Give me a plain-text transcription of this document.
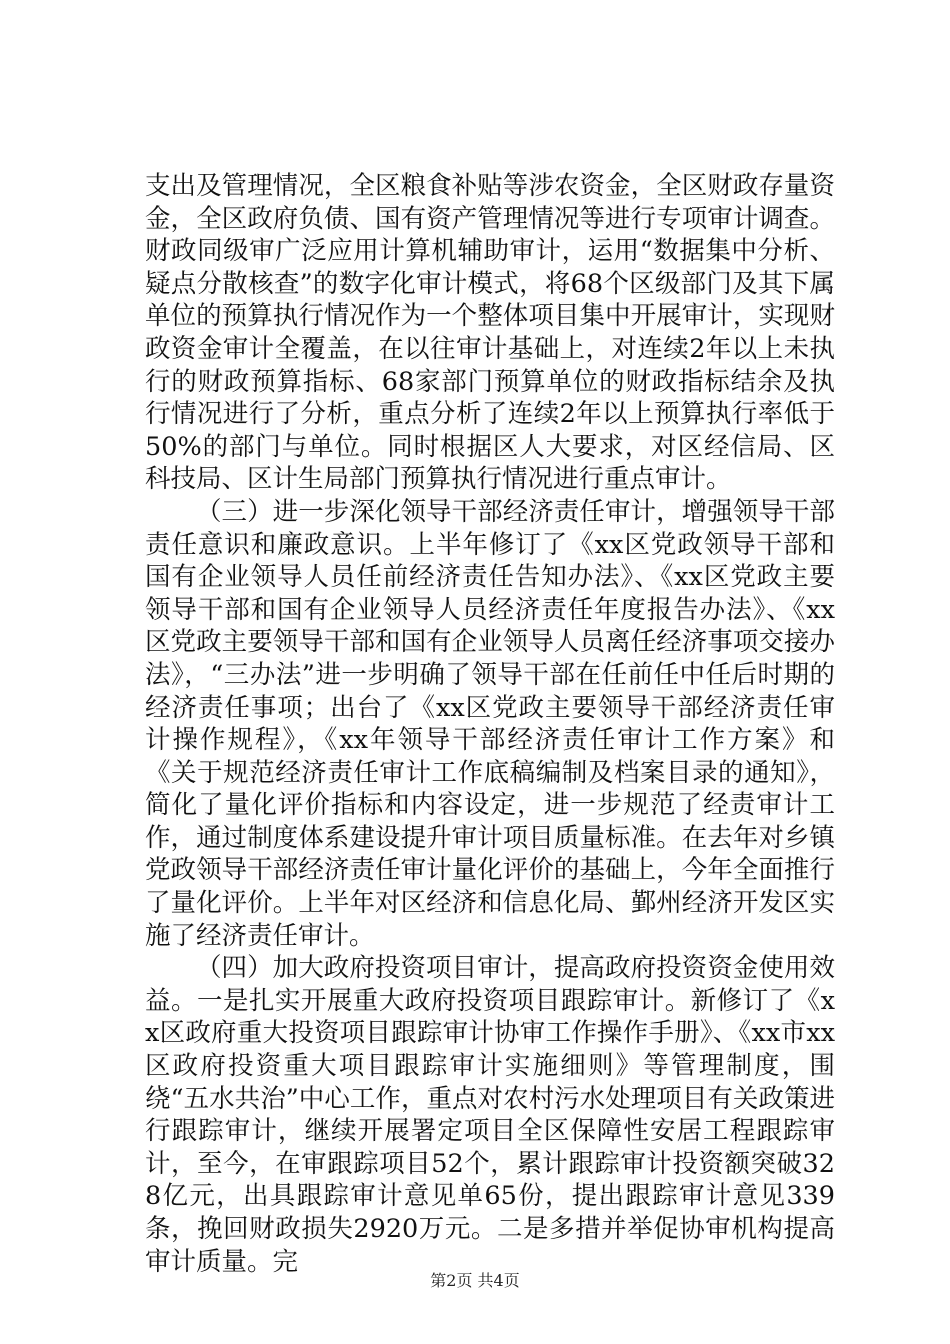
支出及管理情况，全区粮食补贴等涉农资金，全区财政存量资金，全区政府负债、国有资产管理情况等进行专项审计调查。财政同级审广泛应用计算机辅助审计，运用“数据集中分析、疑点分散核查”的数字化审计模式，将68个区级部门及其下属单位的预算执行情况作为一个整体项目集中开展审计，实现财政资金审计全覆盖，在以往审计基础上，对连续2年以上未执行的财政预算指标、68家部门预算单位的财政指标结余及执行情况进行了分析，重点分析了连续2年以上预算执行率低于50%的部门与单位。同时根据区人大要求，对区经信局、区科技局、区计生局部门预算执行情况进行重点审计。

（三）进一步深化领导干部经济责任审计，增强领导干部责任意识和廉政意识。上半年修订了《xx区党政领导干部和国有企业领导人员任前经济责任告知办法》、《xx区党政主要领导干部和国有企业领导人员经济责任年度报告办法》、《xx区党政主要领导干部和国有企业领导人员离任经济事项交接办法》，“三办法”进一步明确了领导干部在任前任中任后时期的经济责任事项；出台了《xx区党政主要领导干部经济责任审计操作规程》，《xx年领导干部经济责任审计工作方案》和《关于规范经济责任审计工作底稿编制及档案目录的通知》，简化了量化评价指标和内容设定，进一步规范了经责审计工作，通过制度体系建设提升审计项目质量标准。在去年对乡镇党政领导干部经济责任审计量化评价的基础上，今年全面推行了量化评价。上半年对区经济和信息化局、鄞州经济开发区实施了经济责任审计。

（四）加大政府投资项目审计，提高政府投资资金使用效益。一是扎实开展重大政府投资项目跟踪审计。新修订了《xx区政府重大投资项目跟踪审计协审工作操作手册》、《xx市xx区政府投资重大项目跟踪审计实施细则》等管理制度，围绕“五水共治”中心工作，重点对农村污水处理项目有关政策进行跟踪审计，继续开展署定项目全区保障性安居工程跟踪审计，至今，在审跟踪项目52个，累计跟踪审计投资额突破328亿元，出具跟踪审计意见单65份，提出跟踪审计意见339条，挽回财政损失2920万元。二是多措并举促协审机构提高审计质量。完

第2页 共4页
